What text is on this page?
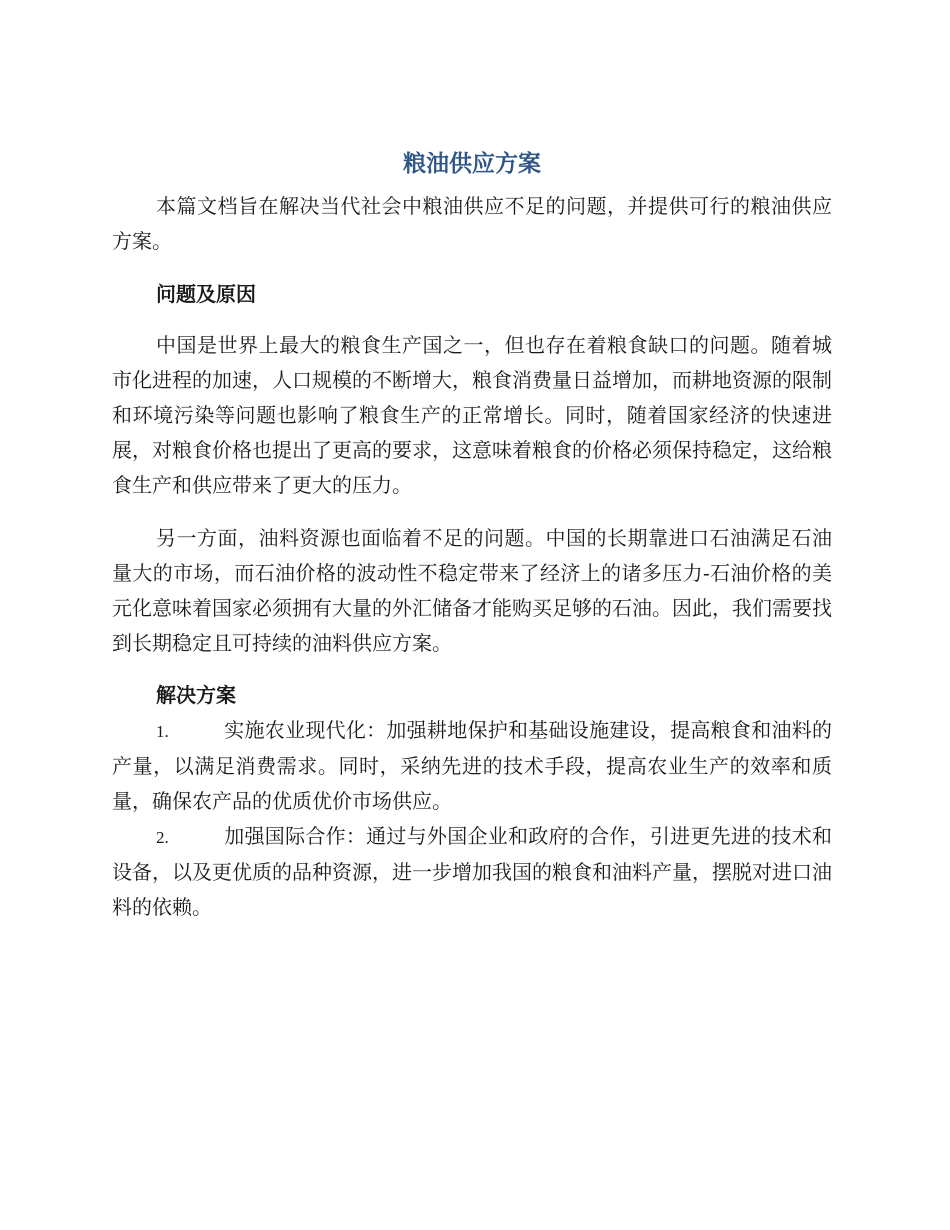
粮油供应方案

本篇文档旨在解决当代社会中粮油供应不足的问题，并提供可行的粮油供应方案。

问题及原因

中国是世界上最大的粮食生产国之一，但也存在着粮食缺口的问题。随着城市化进程的加速，人口规模的不断增大，粮食消费量日益增加，而耕地资源的限制和环境污染等问题也影响了粮食生产的正常增长。同时，随着国家经济的快速进展，对粮食价格也提出了更高的要求，这意味着粮食的价格必须保持稳定，这给粮食生产和供应带来了更大的压力。

另一方面，油料资源也面临着不足的问题。中国的长期靠进口石油满足石油量大的市场，而石油价格的波动性不稳定带来了经济上的诸多压力-石油价格的美元化意味着国家必须拥有大量的外汇储备才能购买足够的石油。因此，我们需要找到长期稳定且可持续的油料供应方案。

解决方案

1.	实施农业现代化：加强耕地保护和基础设施建设，提高粮食和油料的产量，以满足消费需求。同时，采纳先进的技术手段，提高农业生产的效率和质量，确保农产品的优质优价市场供应。

2.	加强国际合作：通过与外国企业和政府的合作，引进更先进的技术和设备，以及更优质的品种资源，进一步增加我国的粮食和油料产量，摆脱对进口油料的依赖。
